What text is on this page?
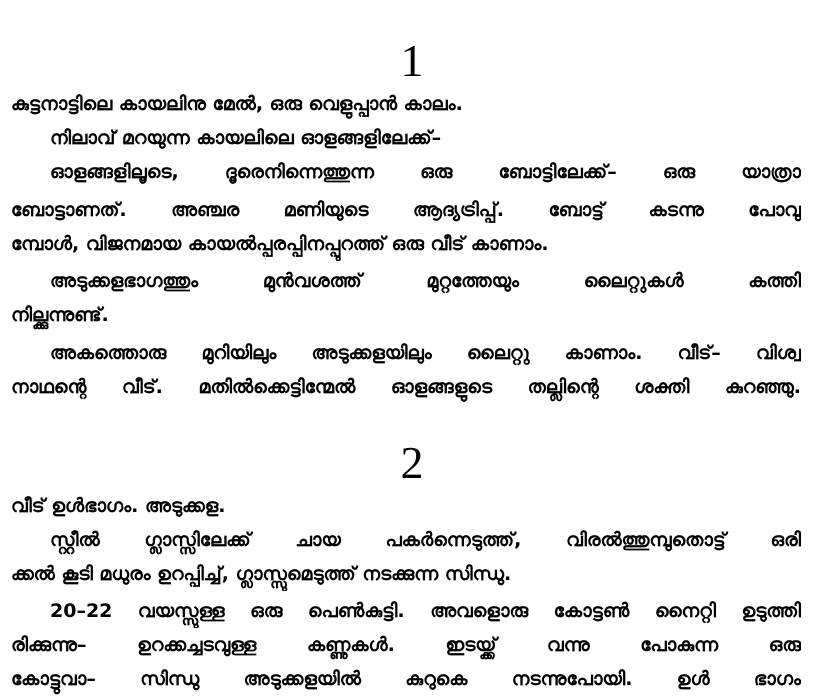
1
കുട്ടനാട്ടിലെ കായലിനു മേൽ, ഒരു വെളുപ്പാൻ കാലം.
നിലാവ് മറയുന്ന കായലിലെ ഓളങ്ങളിലേക്ക്–
ഓളങ്ങളിലൂടെ, ദൂരെനിന്നെത്തുന്ന ഒരു ബോട്ടിലേക്ക്– ഒരു യാത്രാ
ബോട്ടാണത്. അഞ്ചര മണിയുടെ ആദ്യട്രിപ്പ്. ബോട്ട് കടന്നു പോവു
മ്പോൾ, വിജനമായ കായൽപ്പരപ്പിനപ്പുറത്ത് ഒരു വീട് കാണാം.
അടുക്കളഭാഗത്തും മുൻവശത്ത് മുറ്റത്തേയും ലൈറ്റുകൾ കത്തി
നില്ക്കുന്നുണ്ട്.
അകത്തൊരു മുറിയിലും അടുക്കളയിലും ലൈറ്റു കാണാം. വീട്– വിശ്വ
നാഥന്റെ വീട്. മതിൽക്കെട്ടിന്മേൽ ഓളങ്ങളുടെ തല്ലിന്റെ ശക്തി കുറഞ്ഞു.
2
വീട് ഉൾഭാഗം. അടുക്കള.
സ്റ്റീൽ ഗ്ലാസ്സിലേക്ക് ചായ പകർന്നെടുത്ത്, വിരൽത്തുമ്പുതൊട്ട് ഒരി
ക്കൽ കൂടി മധുരം ഉറപ്പിച്ച്, ഗ്ലാസ്സുമെടുത്ത് നടക്കുന്ന സിന്ധു.
20–22 വയസ്സുള്ള ഒരു പെൺകുട്ടി. അവളൊരു കോട്ടൺ നൈറ്റി ഉടുത്തി
രിക്കുന്നു– ഉറക്കച്ചടവുള്ള കണ്ണുകൾ. ഇടയ്ക്ക് വന്നു പോകുന്ന ഒരു
കോട്ടുവാ– സിന്ധു അടുക്കളയിൽ കുറുകെ നടന്നുപോയി. ഉൾ ഭാഗം
